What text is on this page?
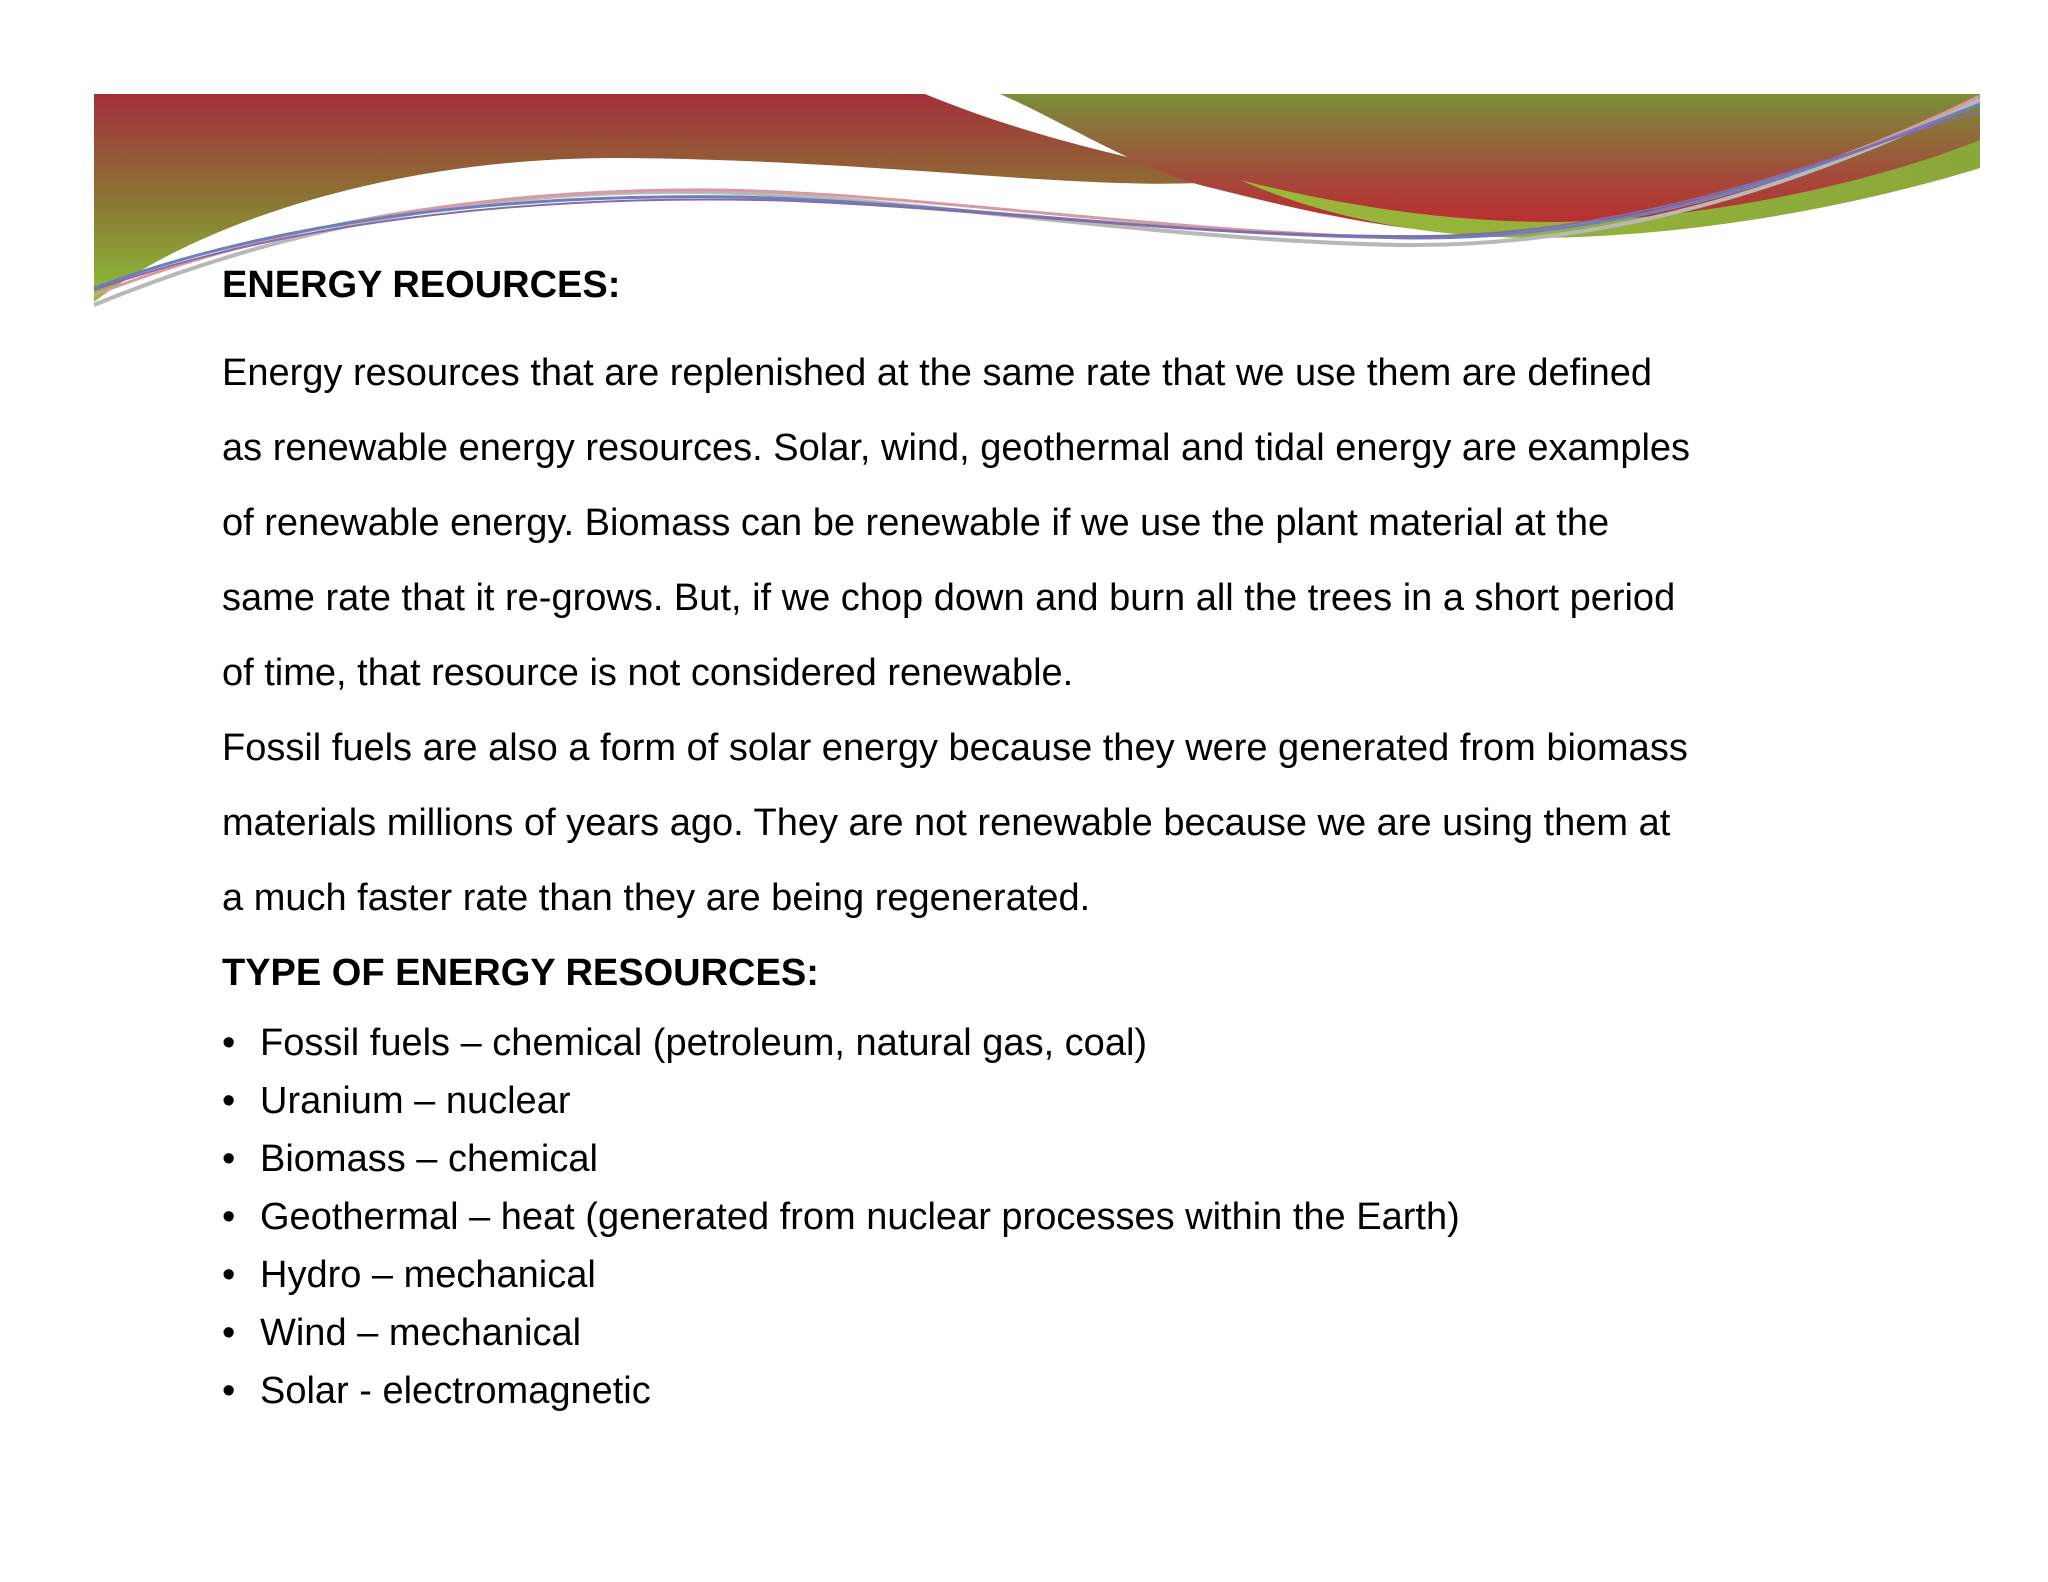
ENERGY REOURCES:
Energy resources that are replenished at the same rate that we use them are defined
as renewable energy resources. Solar, wind, geothermal and tidal energy are examples
of renewable energy. Biomass can be renewable if we use the plant material at the
same rate that it re-grows. But, if we chop down and burn all the trees in a short period
of time, that resource is not considered renewable.
Fossil fuels are also a form of solar energy because they were generated from biomass
materials millions of years ago. They are not renewable because we are using them at
a much faster rate than they are being regenerated.
TYPE OF ENERGY RESOURCES:
• Fossil fuels – chemical (petroleum, natural gas, coal)
• Uranium – nuclear
• Biomass – chemical
• Geothermal – heat (generated from nuclear processes within the Earth)
• Hydro – mechanical
• Wind – mechanical
• Solar - electromagnetic
